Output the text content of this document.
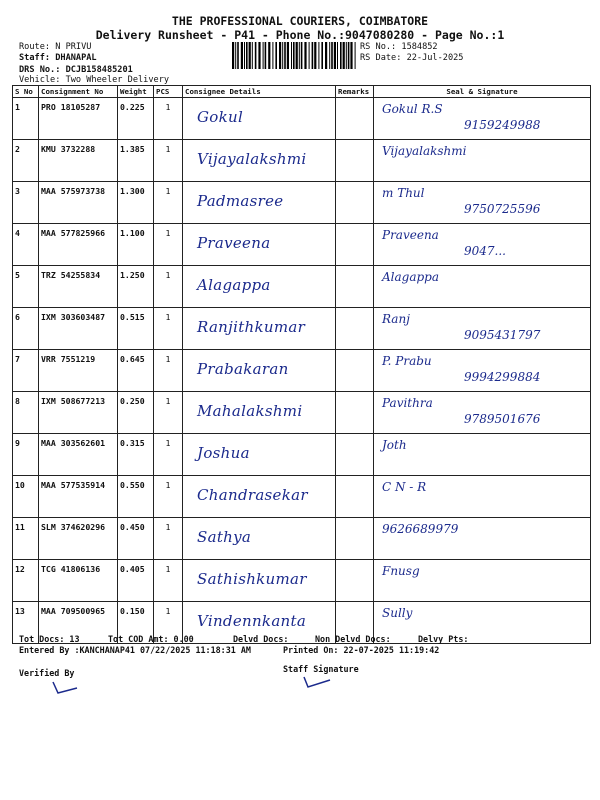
THE PROFESSIONAL COURIERS, COIMBATORE
Delivery Runsheet - P41 - Phone No.:9047080280 - Page No.:1
Route: N PRIVU
Staff: DHANAPAL
DRS No.: DCJB158485201
Vehicle: Two Wheeler Delivery
RS No.: 1584852
RS Date: 22-Jul-2025
S No	Consignment No	Weight	PCS	Consignee Details	Remarks	Seal & Signature
1	PRO 18105287	0.225	1	Gokul		Gokul R.S
9159249988

2	KMU 3732288	1.385	1	Vijayalakshmi		Vijayalakshmi

3	MAA 575973738	1.300	1	Padmasree		m Thul
9750725596

4	MAA 577825966	1.100	1	Praveena		Praveena
9047...

5	TRZ 54255834	1.250	1	Alagappa		Alagappa

6	IXM 303603487	0.515	1	Ranjithkumar		Ranj
9095431797

7	VRR 7551219	0.645	1	Prabakaran		P. Prabu
9994299884

8	IXM 508677213	0.250	1	Mahalakshmi		Pavithra
9789501676

9	MAA 303562601	0.315	1	Joshua		Joth

10	MAA 577535914	0.550	1	Chandrasekar		C N - R

11	SLM 374620296	0.450	1	Sathya		9626689979

12	TCG 41806136	0.405	1	Sathishkumar		Fnusg

13	MAA 709500965	0.150	1	Vindennkanta		Sully
Tot Docs: 13	Tot COD Amt: 0.00	Delvd Docs:	Non Delvd Docs:	Delvy Pts:
Entered By :KANCHANAP41 07/22/2025 11:18:31 AM	Printed On: 22-07-2025 11:19:42
Verified By	Staff Signature
